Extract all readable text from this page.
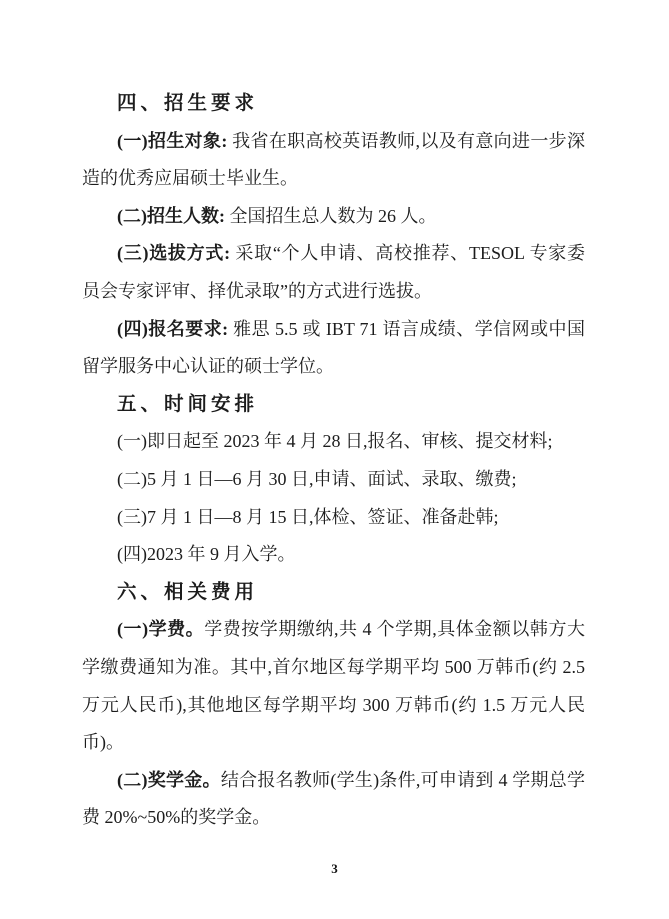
四、招生要求

(一)招生对象: 我省在职高校英语教师,以及有意向进一步深造的优秀应届硕士毕业生。

(二)招生人数: 全国招生总人数为 26 人。

(三)选拔方式: 采取“个人申请、高校推荐、TESOL 专家委员会专家评审、择优录取”的方式进行选拔。

(四)报名要求: 雅思 5.5 或 IBT 71 语言成绩、学信网或中国留学服务中心认证的硕士学位。

五、时间安排

(一)即日起至 2023 年 4 月 28 日,报名、审核、提交材料;

(二)5 月 1 日—6 月 30 日,申请、面试、录取、缴费;

(三)7 月 1 日—8 月 15 日,体检、签证、准备赴韩;

(四)2023 年 9 月入学。

六、相关费用

(一)学费。学费按学期缴纳,共 4 个学期,具体金额以韩方大学缴费通知为准。其中,首尔地区每学期平均 500 万韩币(约 2.5 万元人民币),其他地区每学期平均 300 万韩币(约 1.5 万元人民币)。

(二)奖学金。结合报名教师(学生)条件,可申请到 4 学期总学费 20%~50%的奖学金。

3
